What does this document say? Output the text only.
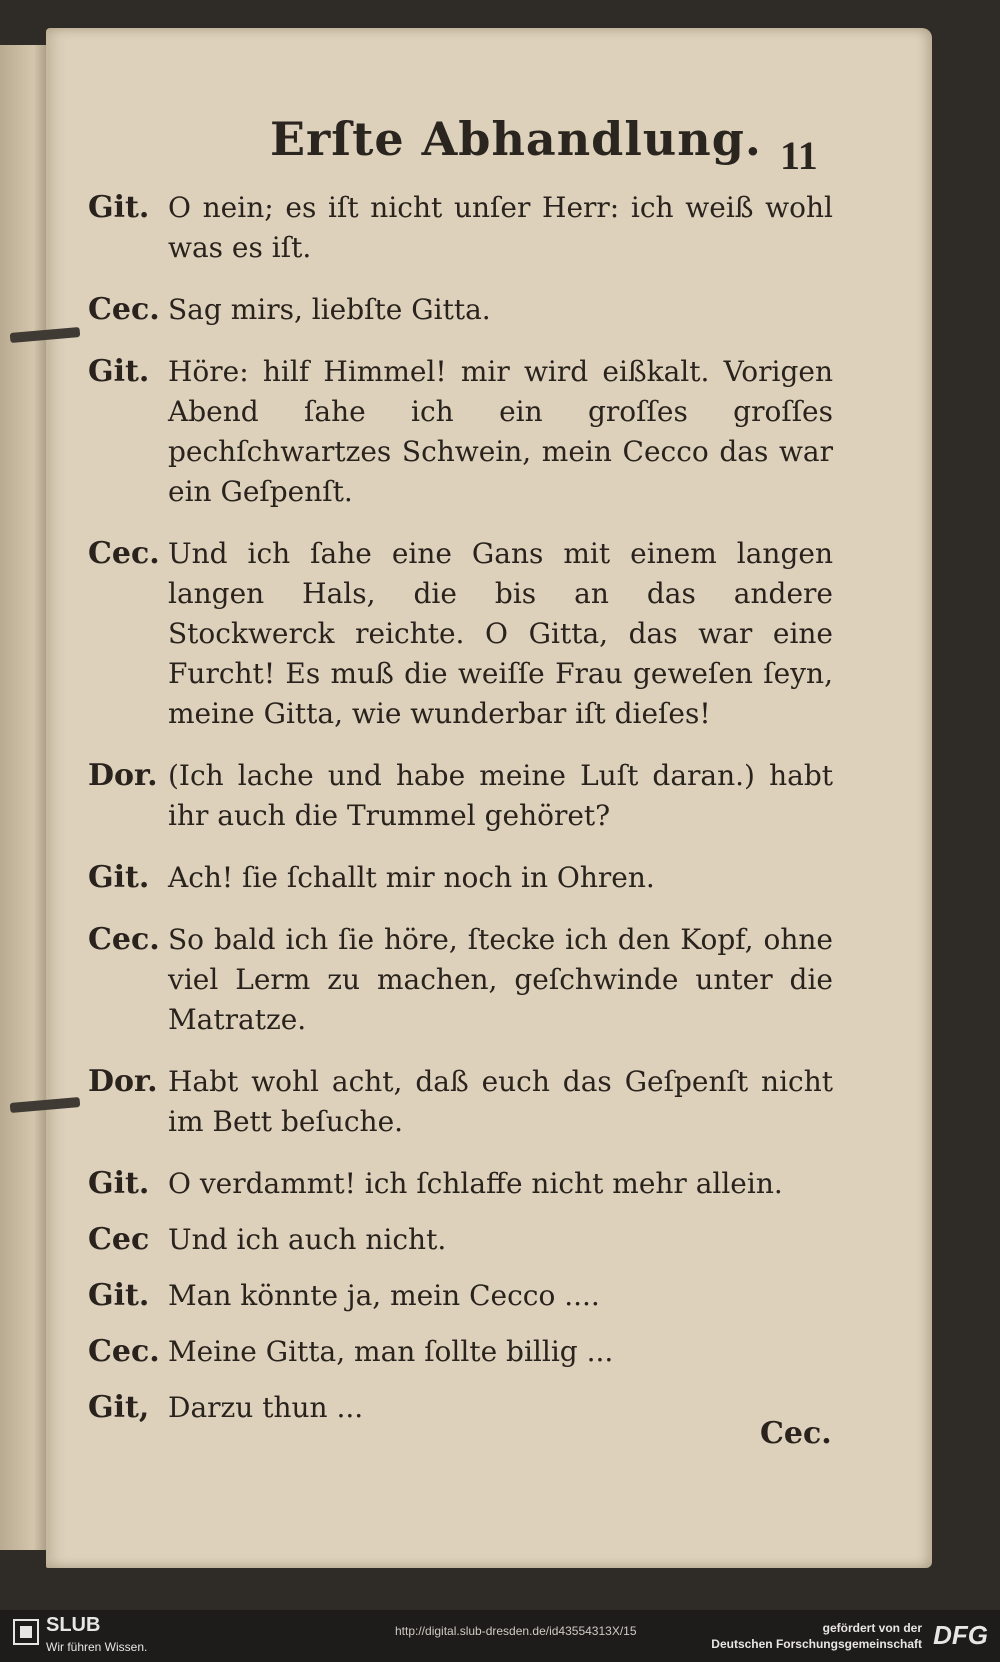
Erſte Abhandlung. 11
Git. O nein; es iſt nicht unſer Herr: ich weiß wohl was es iſt.
Cec. Sag mirs, liebſte Gitta.
Git. Höre: hilf Himmel! mir wird eißkalt. Vorigen Abend ſahe ich ein groſſes groſſes pechſchwartzes Schwein, mein Cecco das war ein Geſpenſt.
Cec. Und ich ſahe eine Gans mit einem langen langen Hals, die bis an das andere Stockwerck reichte. O Gitta, das war eine Furcht! Es muß die weiſſe Frau geweſen ſeyn, meine Gitta, wie wunderbar iſt dieſes!
Dor. (Ich lache und habe meine Luſt daran.) habt ihr auch die Trummel gehöret?
Git. Ach! ſie ſchallt mir noch in Ohren.
Cec. So bald ich ſie höre, ſtecke ich den Kopf, ohne viel Lerm zu machen, geſchwinde unter die Matratze.
Dor. Habt wohl acht, daß euch das Geſpenſt nicht im Bett beſuche.
Git. O verdammt! ich ſchlaffe nicht mehr allein.
Cec Und ich auch nicht.
Git. Man könnte ja, mein Cecco ....
Cec. Meine Gitta, man ſollte billig ...
Git, Darzu thun ...
Cec.
SLUB
Wir führen Wissen.
http://digital.slub-dresden.de/id43554313X/15	gefördert von der
Deutschen Forschungsgemeinschaft DFG
